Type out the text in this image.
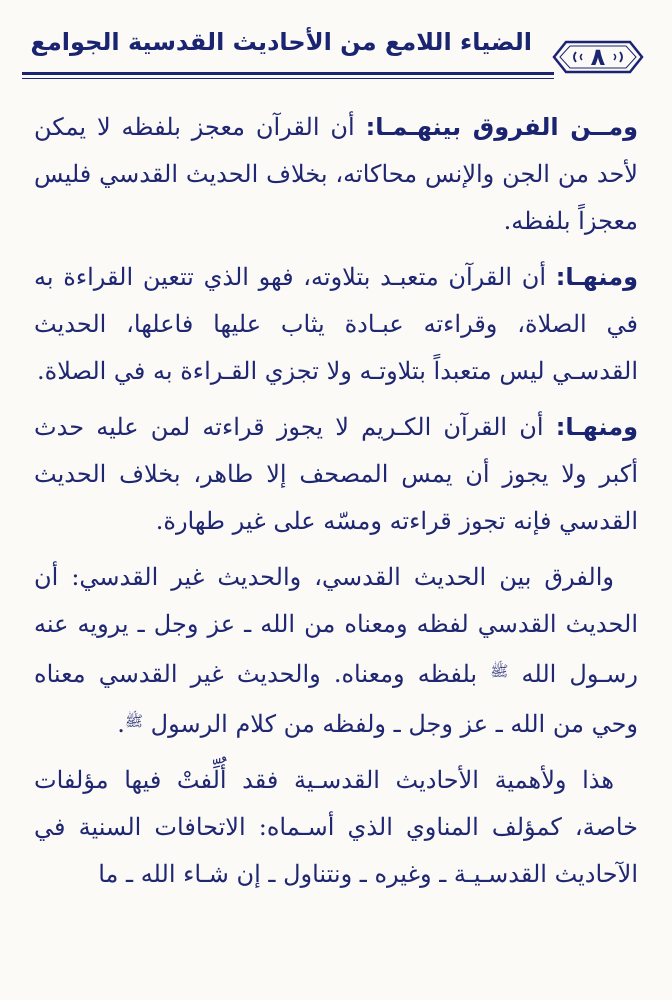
الضياء اللامع من الأحاديث القدسية الجوامع
٨

ومــن الفروق بينهـمـا: أن القرآن معجز بلفظه لا يمكن لأحد من الجن والإنس محاكاته، بخلاف الحديث القدسي فليس معجزاً بلفظه.

ومنهـا: أن القرآن متعبـد بتلاوته، فهو الذي تتعين القراءة به في الصلاة، وقراءته عبـادة يثاب عليها فاعلها، الحديث القدسـي ليس متعبداً بتلاوتـه ولا تجزي القـراءة به في الصلاة.

ومنهـا: أن القرآن الكـريم لا يجوز قراءته لمن عليه حدث أكبر ولا يجوز أن يمس المصحف إلا طاهر، بخلاف الحديث القدسي فإنه تجوز قراءته ومسّه على غير طهارة.

والفرق بين الحديث القدسي، والحديث غير القدسي: أن الحديث القدسي لفظه ومعناه من الله ـ عز وجل ـ يرويه عنه رسـول الله $^ﷺ$ بلفظه ومعناه. والحديث غير القدسي معناه وحي من الله ـ عز وجل ـ ولفظه من كلام الرسول $^ﷺ$.

هذا ولأهمية الأحاديث القدسـية فقد أُلِّفتْ فيها مؤلفات خاصة، كمؤلف المناوي الذي أسـماه: الاتحافات السنية في الآحاديث القدسـيـة ـ وغيره ـ ونتناول ـ إن شـاء الله ـ ما
